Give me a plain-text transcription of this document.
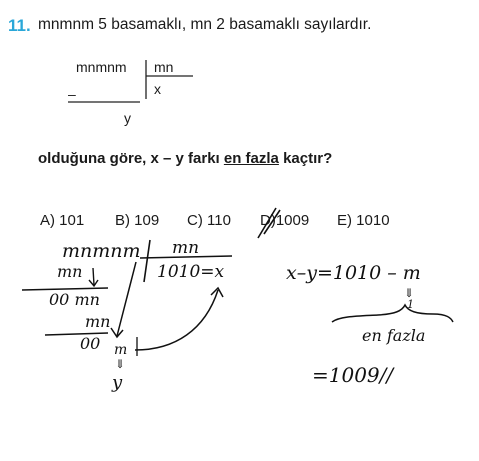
11. mnmnm 5 basamaklı, mn 2 basamaklı sayılardır.
mnmnm mn
x
–
y
olduğuna göre, x – y farkı en fazla kaçtır?
A) 101 B) 109 C) 110 D)1009 E) 1010
mnmnm mn
1010=x
mn
00 mn
mn
00 m
⇓
y
x–y=1010 – m
⇓
1
en fazla
=1009//
